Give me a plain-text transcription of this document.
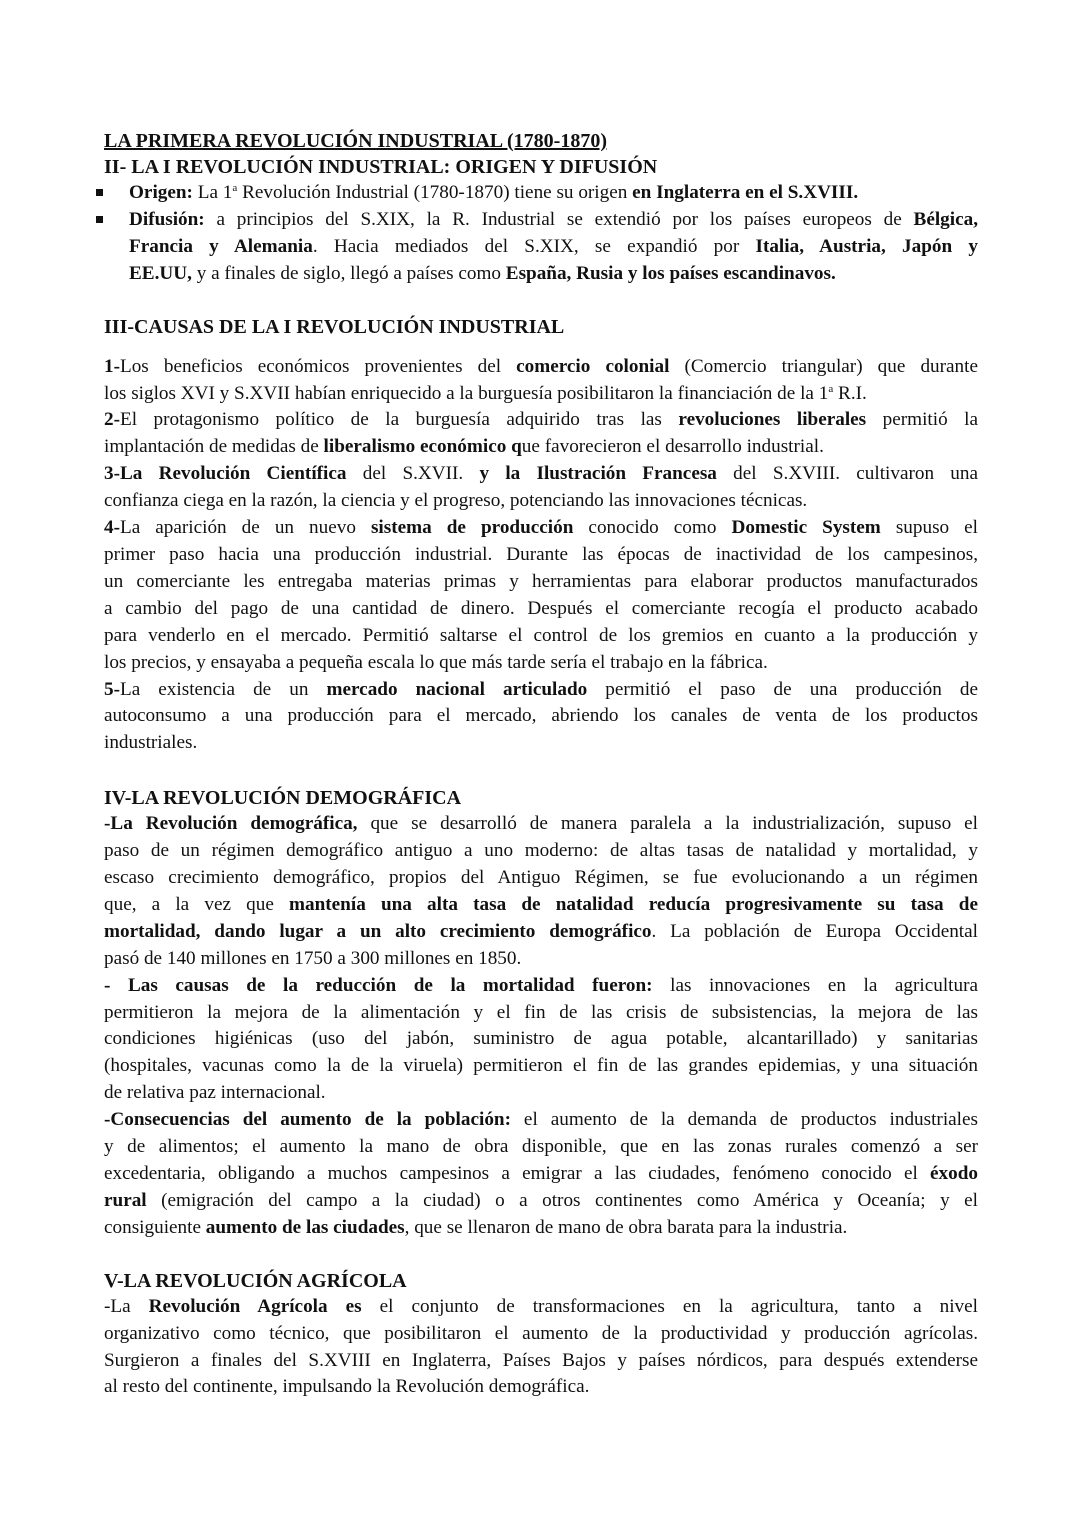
LA PRIMERA REVOLUCIÓN INDUSTRIAL (1780-1870)
II- LA I REVOLUCIÓN INDUSTRIAL: ORIGEN Y DIFUSIÓN
Origen: La 1$^a$ Revolución Industrial (1780-1870) tiene su origen en Inglaterra en el S.XVIII.
Difusión: a principios del S.XIX, la R. Industrial se extendió por los países europeos de Bélgica,
Francia y Alemania. Hacia mediados del S.XIX, se expandió por Italia, Austria, Japón y
EE.UU, y a finales de siglo, llegó a países como España, Rusia y los países escandinavos.
III-CAUSAS DE LA I REVOLUCIÓN INDUSTRIAL
1-Los beneficios económicos provenientes del comercio colonial (Comercio triangular) que durante
los siglos XVI y S.XVII habían enriquecido a la burguesía posibilitaron la financiación de la 1$^a$ R.I.
2-El protagonismo político de la burguesía adquirido tras las revoluciones liberales permitió la
implantación de medidas de liberalismo económico que favorecieron el desarrollo industrial.
3-La Revolución Científica del S.XVII. y la Ilustración Francesa del S.XVIII. cultivaron una
confianza ciega en la razón, la ciencia y el progreso, potenciando las innovaciones técnicas.
4-La aparición de un nuevo sistema de producción conocido como Domestic System supuso el
primer paso hacia una producción industrial. Durante las épocas de inactividad de los campesinos,
un comerciante les entregaba materias primas y herramientas para elaborar productos manufacturados
a cambio del pago de una cantidad de dinero. Después el comerciante recogía el producto acabado
para venderlo en el mercado. Permitió saltarse el control de los gremios en cuanto a la producción y
los precios, y ensayaba a pequeña escala lo que más tarde sería el trabajo en la fábrica.
5-La existencia de un mercado nacional articulado permitió el paso de una producción de
autoconsumo a una producción para el mercado, abriendo los canales de venta de los productos
industriales.
IV-LA REVOLUCIÓN DEMOGRÁFICA
-La Revolución demográfica, que se desarrolló de manera paralela a la industrialización, supuso el
paso de un régimen demográfico antiguo a uno moderno: de altas tasas de natalidad y mortalidad, y
escaso crecimiento demográfico, propios del Antiguo Régimen, se fue evolucionando a un régimen
que, a la vez que mantenía una alta tasa de natalidad reducía progresivamente su tasa de
mortalidad, dando lugar a un alto crecimiento demográfico. La población de Europa Occidental
pasó de 140 millones en 1750 a 300 millones en 1850.
- Las causas de la reducción de la mortalidad fueron: las innovaciones en la agricultura
permitieron la mejora de la alimentación y el fin de las crisis de subsistencias, la mejora de las
condiciones higiénicas (uso del jabón, suministro de agua potable, alcantarillado) y sanitarias
(hospitales, vacunas como la de la viruela) permitieron el fin de las grandes epidemias, y una situación
de relativa paz internacional.
-Consecuencias del aumento de la población: el aumento de la demanda de productos industriales
y de alimentos; el aumento la mano de obra disponible, que en las zonas rurales comenzó a ser
excedentaria, obligando a muchos campesinos a emigrar a las ciudades, fenómeno conocido el éxodo
rural (emigración del campo a la ciudad) o a otros continentes como América y Oceanía; y el
consiguiente aumento de las ciudades, que se llenaron de mano de obra barata para la industria.
V-LA REVOLUCIÓN AGRÍCOLA
-La Revolución Agrícola es el conjunto de transformaciones en la agricultura, tanto a nivel
organizativo como técnico, que posibilitaron el aumento de la productividad y producción agrícolas.
Surgieron a finales del S.XVIII en Inglaterra, Países Bajos y países nórdicos, para después extenderse
al resto del continente, impulsando la Revolución demográfica.
